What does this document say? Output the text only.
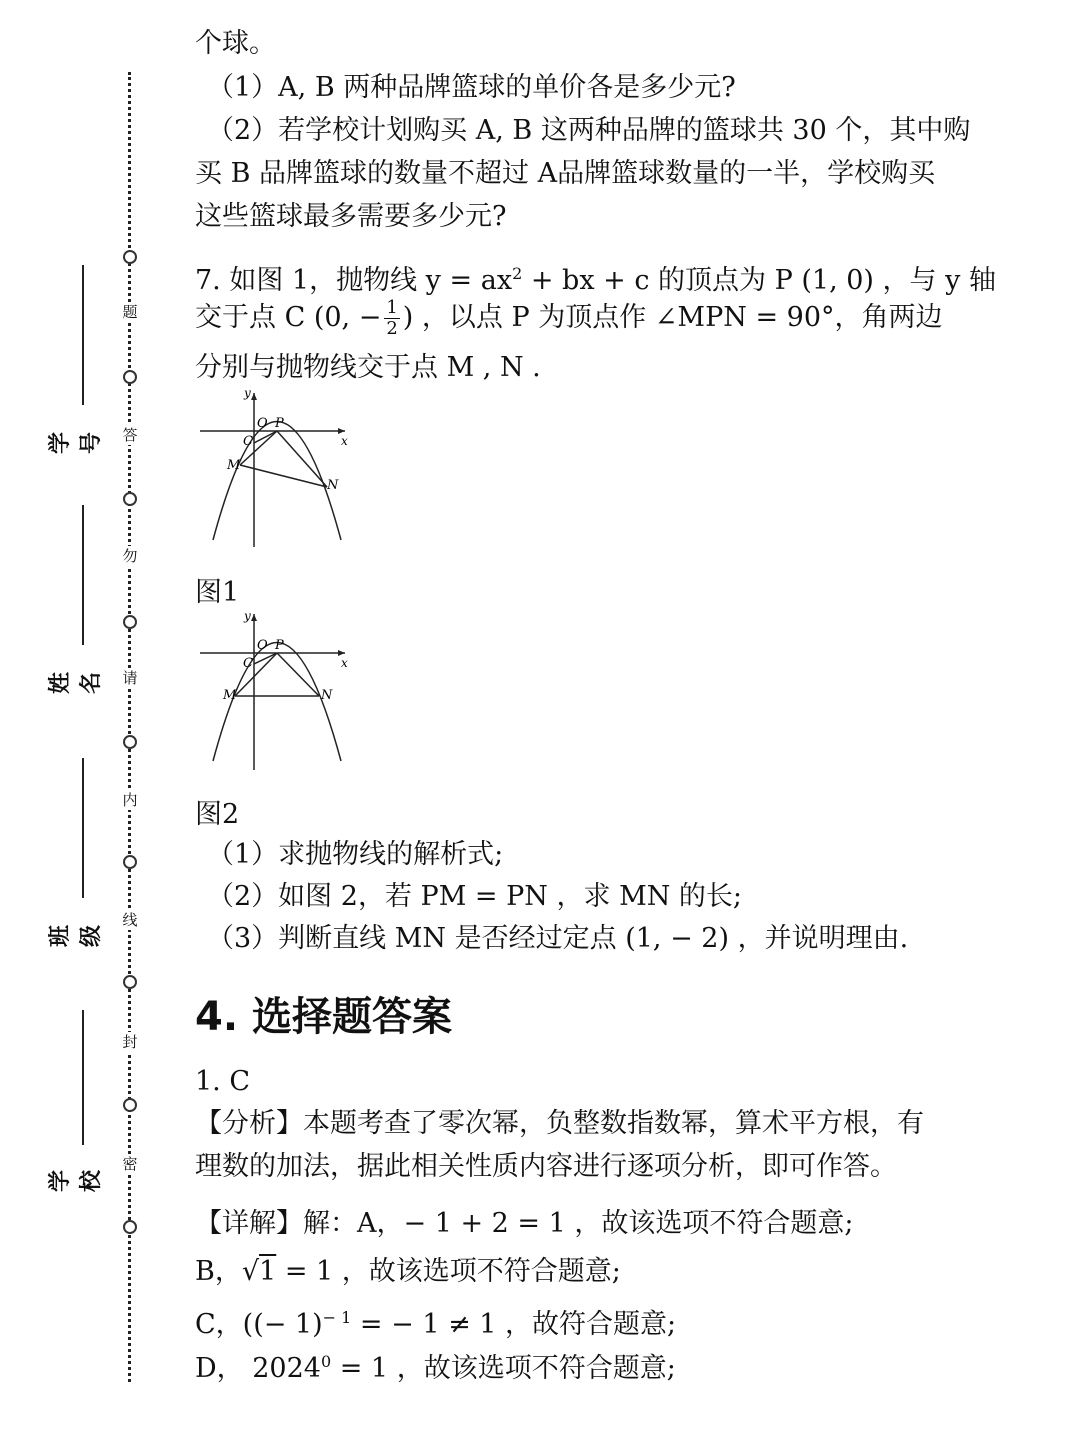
题
答
勿
请
内
线
封
密
学号
姓名
班级
学校

个球。

（1）A, B 两种品牌篮球的单价各是多少元?

（2）若学校计划购买 A, B 这两种品牌的篮球共 30 个，其中购

买 B 品牌篮球的数量不超过 A品牌篮球数量的一半，学校购买

这些篮球最多需要多少元?

7. 如图 1，抛物线 $y = ax^2$ + bx + c 的顶点为 P (1, 0) ，与 y 轴

交于点 C (0, − $\frac{1}{2}$ ) ，以点 P 为顶点作 ∠MPN = 90°，角两边

分别与抛物线交于点 M , N .

y
O P
x
C
M
N
图1
y
O P
x
C
M	N
图2

（1）求抛物线的解析式;

（2）如图 2，若 PM = PN ，求 MN 的长;

（3）判断直线 MN 是否经过定点 (1, − 2) ，并说明理由.

4. 选择题答案

1. C

【分析】本题考查了零次幂，负整数指数幂，算术平方根，有

理数的加法，据此相关性质内容进行逐项分析，即可作答。

【详解】解：A，− 1 + 2 = 1 ，故该选项不符合题意;

B，√1 = 1 ，故该选项不符合题意;

C，((− 1)$^{- 1}$ = − 1 ≠ 1 ，故符合题意;

D， $2024^0 = 1$ ，故该选项不符合题意;
